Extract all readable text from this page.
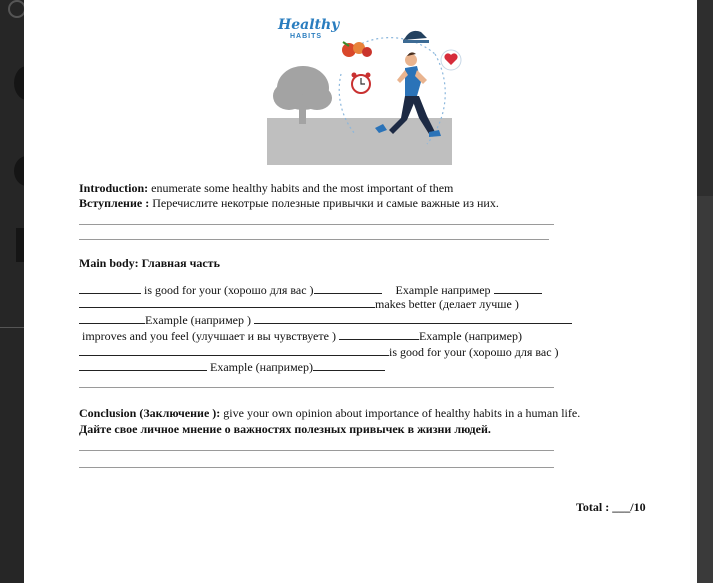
Healthy
HABITS
Introduction: enumerate some healthy habits and the most important of them
Вступление : Перечислите некотрые полезные привычки и самые важные из них.
Main body: Главная часть
is good for your (хорошо для вас )	Example например
makes better (делает лучше )
Example (например )
improves and you feel (улучшает и вы чувствуете )	Example (например)
is good for your (хорошо для вас )
Example (например)
Conclusion (Заключение ): give your own opinion about importance of healthy habits in a human life.
Дайте свое личное мнение о важностях полезных привычек в жизни людей.
Total : ___/10
